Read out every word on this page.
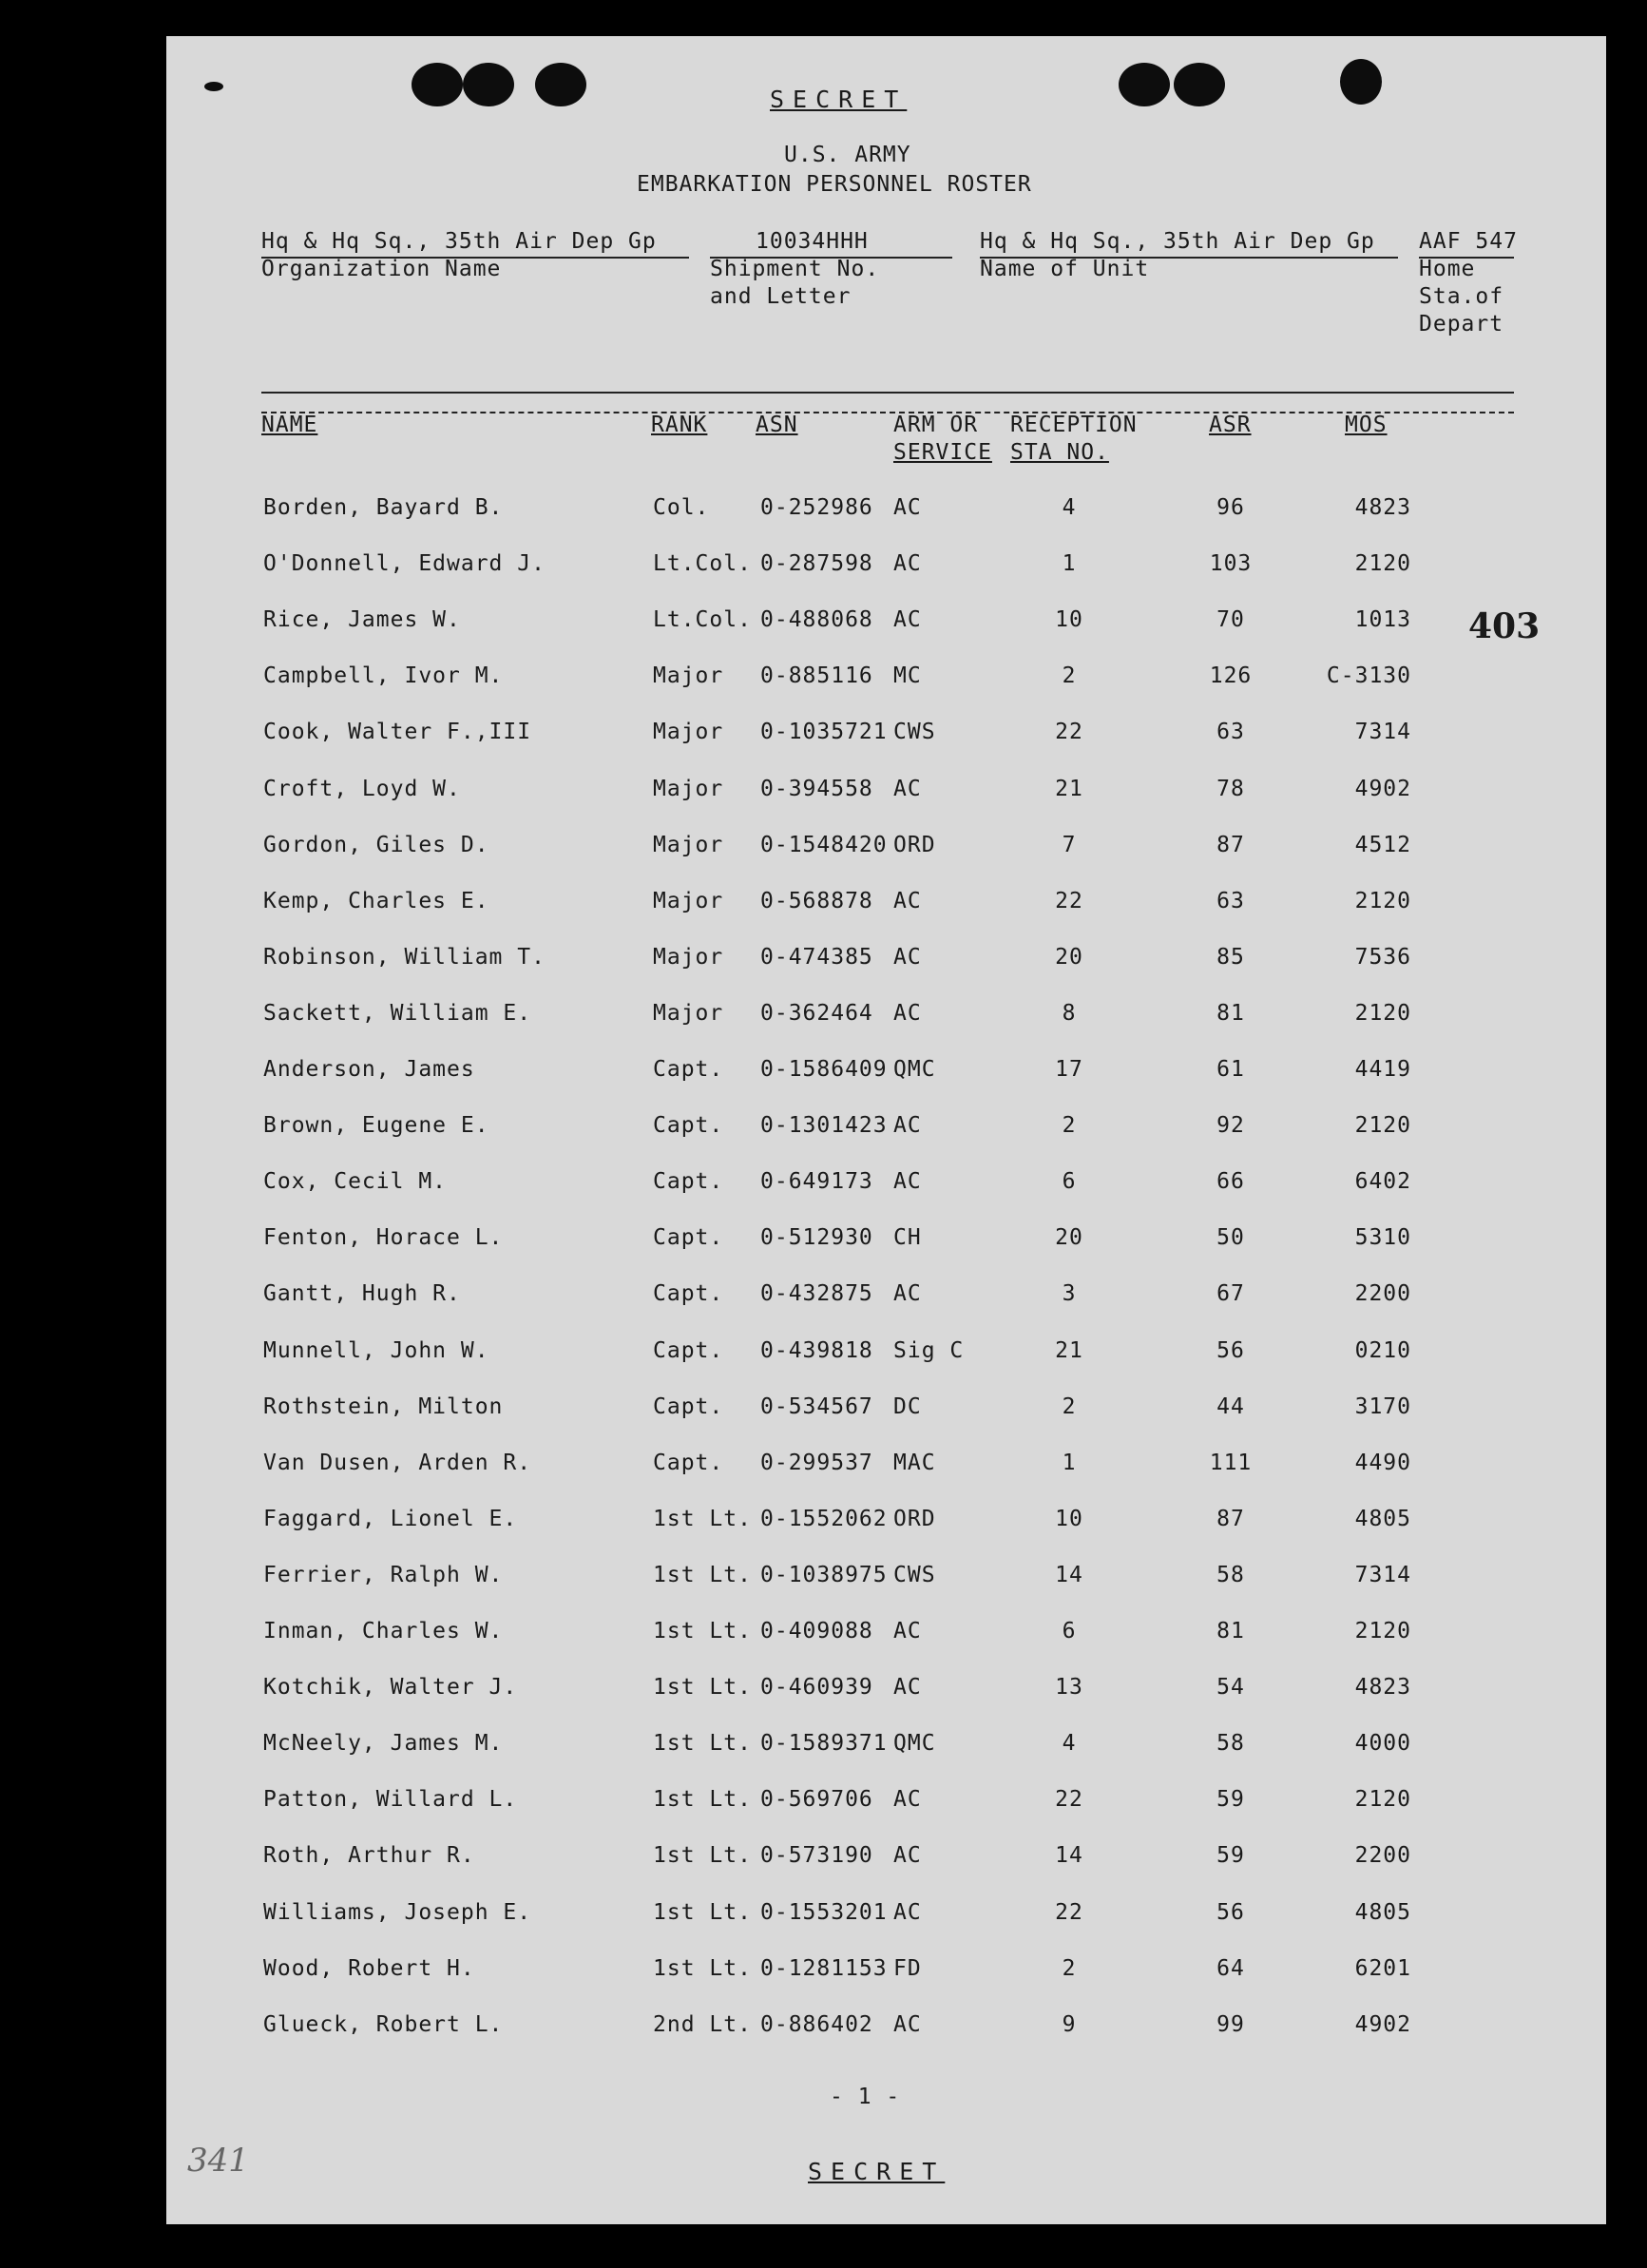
SECRET
U.S. ARMY
EMBARKATION PERSONNEL ROSTER
Hq & Hq Sq., 35th Air Dep Gp
Organization Name
10034HHH
Shipment No.
and Letter
Hq & Hq Sq., 35th Air Dep Gp
Name of Unit
AAF 547
Home
Sta.of
Depart
NAME	RANK ASN	ARM OR
SERVICE
RECEPTION
STA NO.
ASR	MOS
Borden, Bayard B.	Col. 0-252986 AC	4	96	4823
O'Donnell, Edward J.	Lt.Col. 0-287598 AC	1	103	2120
Rice, James W.	Lt.Col. 0-488068 AC	10	70	1013
Campbell, Ivor M.	Major 0-885116 MC	2	126	C-3130
Cook, Walter F.,III	Major 0-1035721 CWS	22	63	7314
Croft, Loyd W.	Major 0-394558 AC	21	78	4902
Gordon, Giles D.	Major 0-1548420 ORD	7	87	4512
Kemp, Charles E.	Major 0-568878 AC	22	63	2120
Robinson, William T.	Major 0-474385 AC	20	85	7536
Sackett, William E.	Major 0-362464 AC	8	81	2120
Anderson, James	Capt. 0-1586409 QMC	17	61	4419
Brown, Eugene E.	Capt. 0-1301423 AC	2	92	2120
Cox, Cecil M.	Capt. 0-649173 AC	6	66	6402
Fenton, Horace L.	Capt. 0-512930 CH	20	50	5310
Gantt, Hugh R.	Capt. 0-432875 AC	3	67	2200
Munnell, John W.	Capt. 0-439818 Sig C	21	56	0210
Rothstein, Milton	Capt. 0-534567 DC	2	44	3170
Van Dusen, Arden R.	Capt. 0-299537 MAC	1	111	4490
Faggard, Lionel E.	1st Lt. 0-1552062 ORD	10	87	4805
Ferrier, Ralph W.	1st Lt. 0-1038975 CWS	14	58	7314
Inman, Charles W.	1st Lt. 0-409088 AC	6	81	2120
Kotchik, Walter J.	1st Lt. 0-460939 AC	13	54	4823
McNeely, James M.	1st Lt. 0-1589371 QMC	4	58	4000
Patton, Willard L.	1st Lt. 0-569706 AC	22	59	2120
Roth, Arthur R.	1st Lt. 0-573190 AC	14	59	2200
Williams, Joseph E.	1st Lt. 0-1553201 AC	22	56	4805
Wood, Robert H.	1st Lt. 0-1281153 FD	2	64	6201
Glueck, Robert L.	2nd Lt. 0-886402 AC	9	99	4902
403
341
- 1 -
SECRET
